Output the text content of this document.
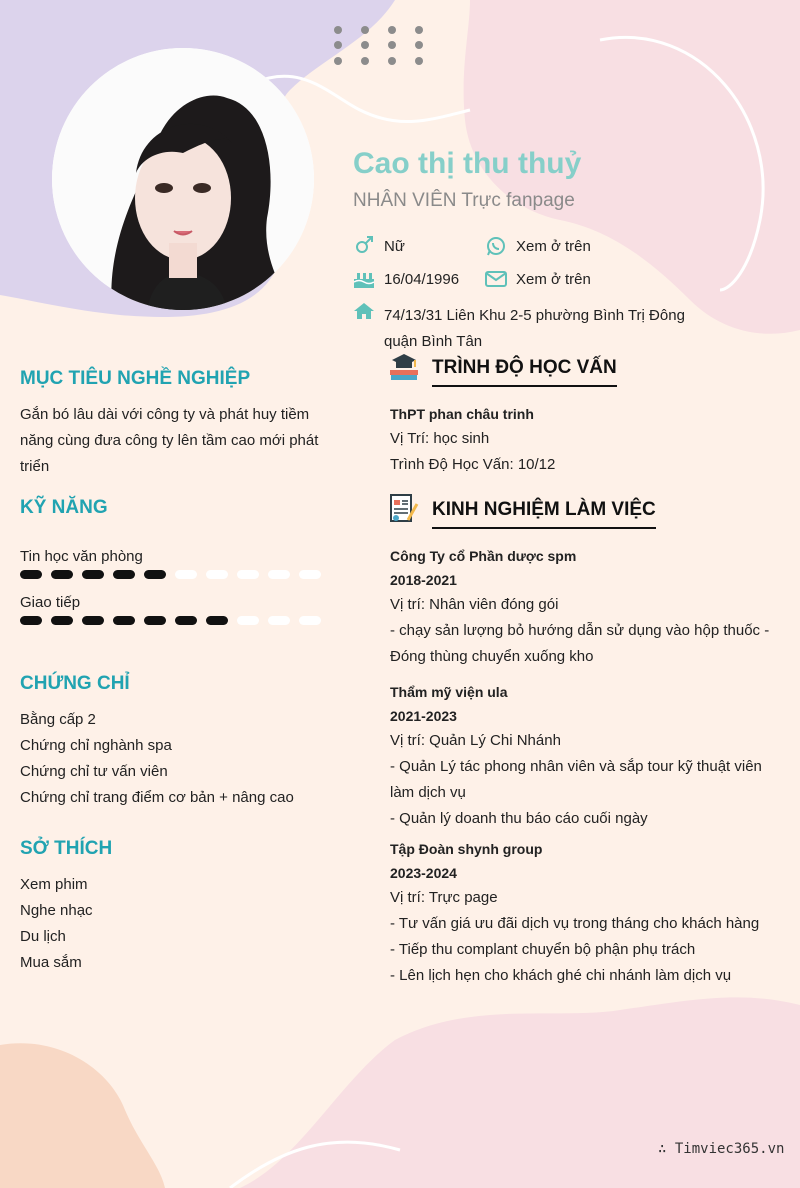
Cao thị thu thuỷ
NHÂN VIÊN Trực fanpage
Nữ	Xem ở trên
16/04/1996	Xem ở trên
74/13/31 Liên Khu 2-5 phường Bình Trị Đông quận Bình Tân
MỤC TIÊU NGHỀ NGHIỆP
Gắn bó lâu dài với công ty và phát huy tiềm năng cùng đưa công ty lên tầm cao mới phát triển
KỸ NĂNG
Tin học văn phòng
Giao tiếp
CHỨNG CHỈ
Bằng cấp 2
Chứng chỉ nghành spa
Chứng chỉ tư vấn viên
Chứng chỉ trang điểm cơ bản + nâng cao
SỞ THÍCH
Xem phim
Nghe nhạc
Du lịch
Mua sắm
TRÌNH ĐỘ HỌC VẤN
ThPT phan châu trinh
Vị Trí: học sinh
Trình Độ Học Vấn: 10/12
KINH NGHIỆM LÀM VIỆC
Công Ty cổ Phần dược spm
2018-2021
Vị trí: Nhân viên đóng gói
- chạy sản lượng bỏ hướng dẫn sử dụng vào hộp thuốc - Đóng thùng chuyển xuống kho
Thẩm mỹ viện ula
2021-2023
Vị trí: Quản Lý Chi Nhánh
- Quản Lý tác phong nhân viên và sắp tour kỹ thuật viên làm dịch vụ
- Quản lý doanh thu báo cáo cuối ngày
Tập Đoàn shynh group
2023-2024
Vị trí: Trực page
- Tư vấn giá ưu đãi dịch vụ trong tháng cho khách hàng
- Tiếp thu complant chuyển bộ phận phụ trách
- Lên lịch hẹn cho khách ghé chi nhánh làm dịch vụ
∴ Timviec365.vn
